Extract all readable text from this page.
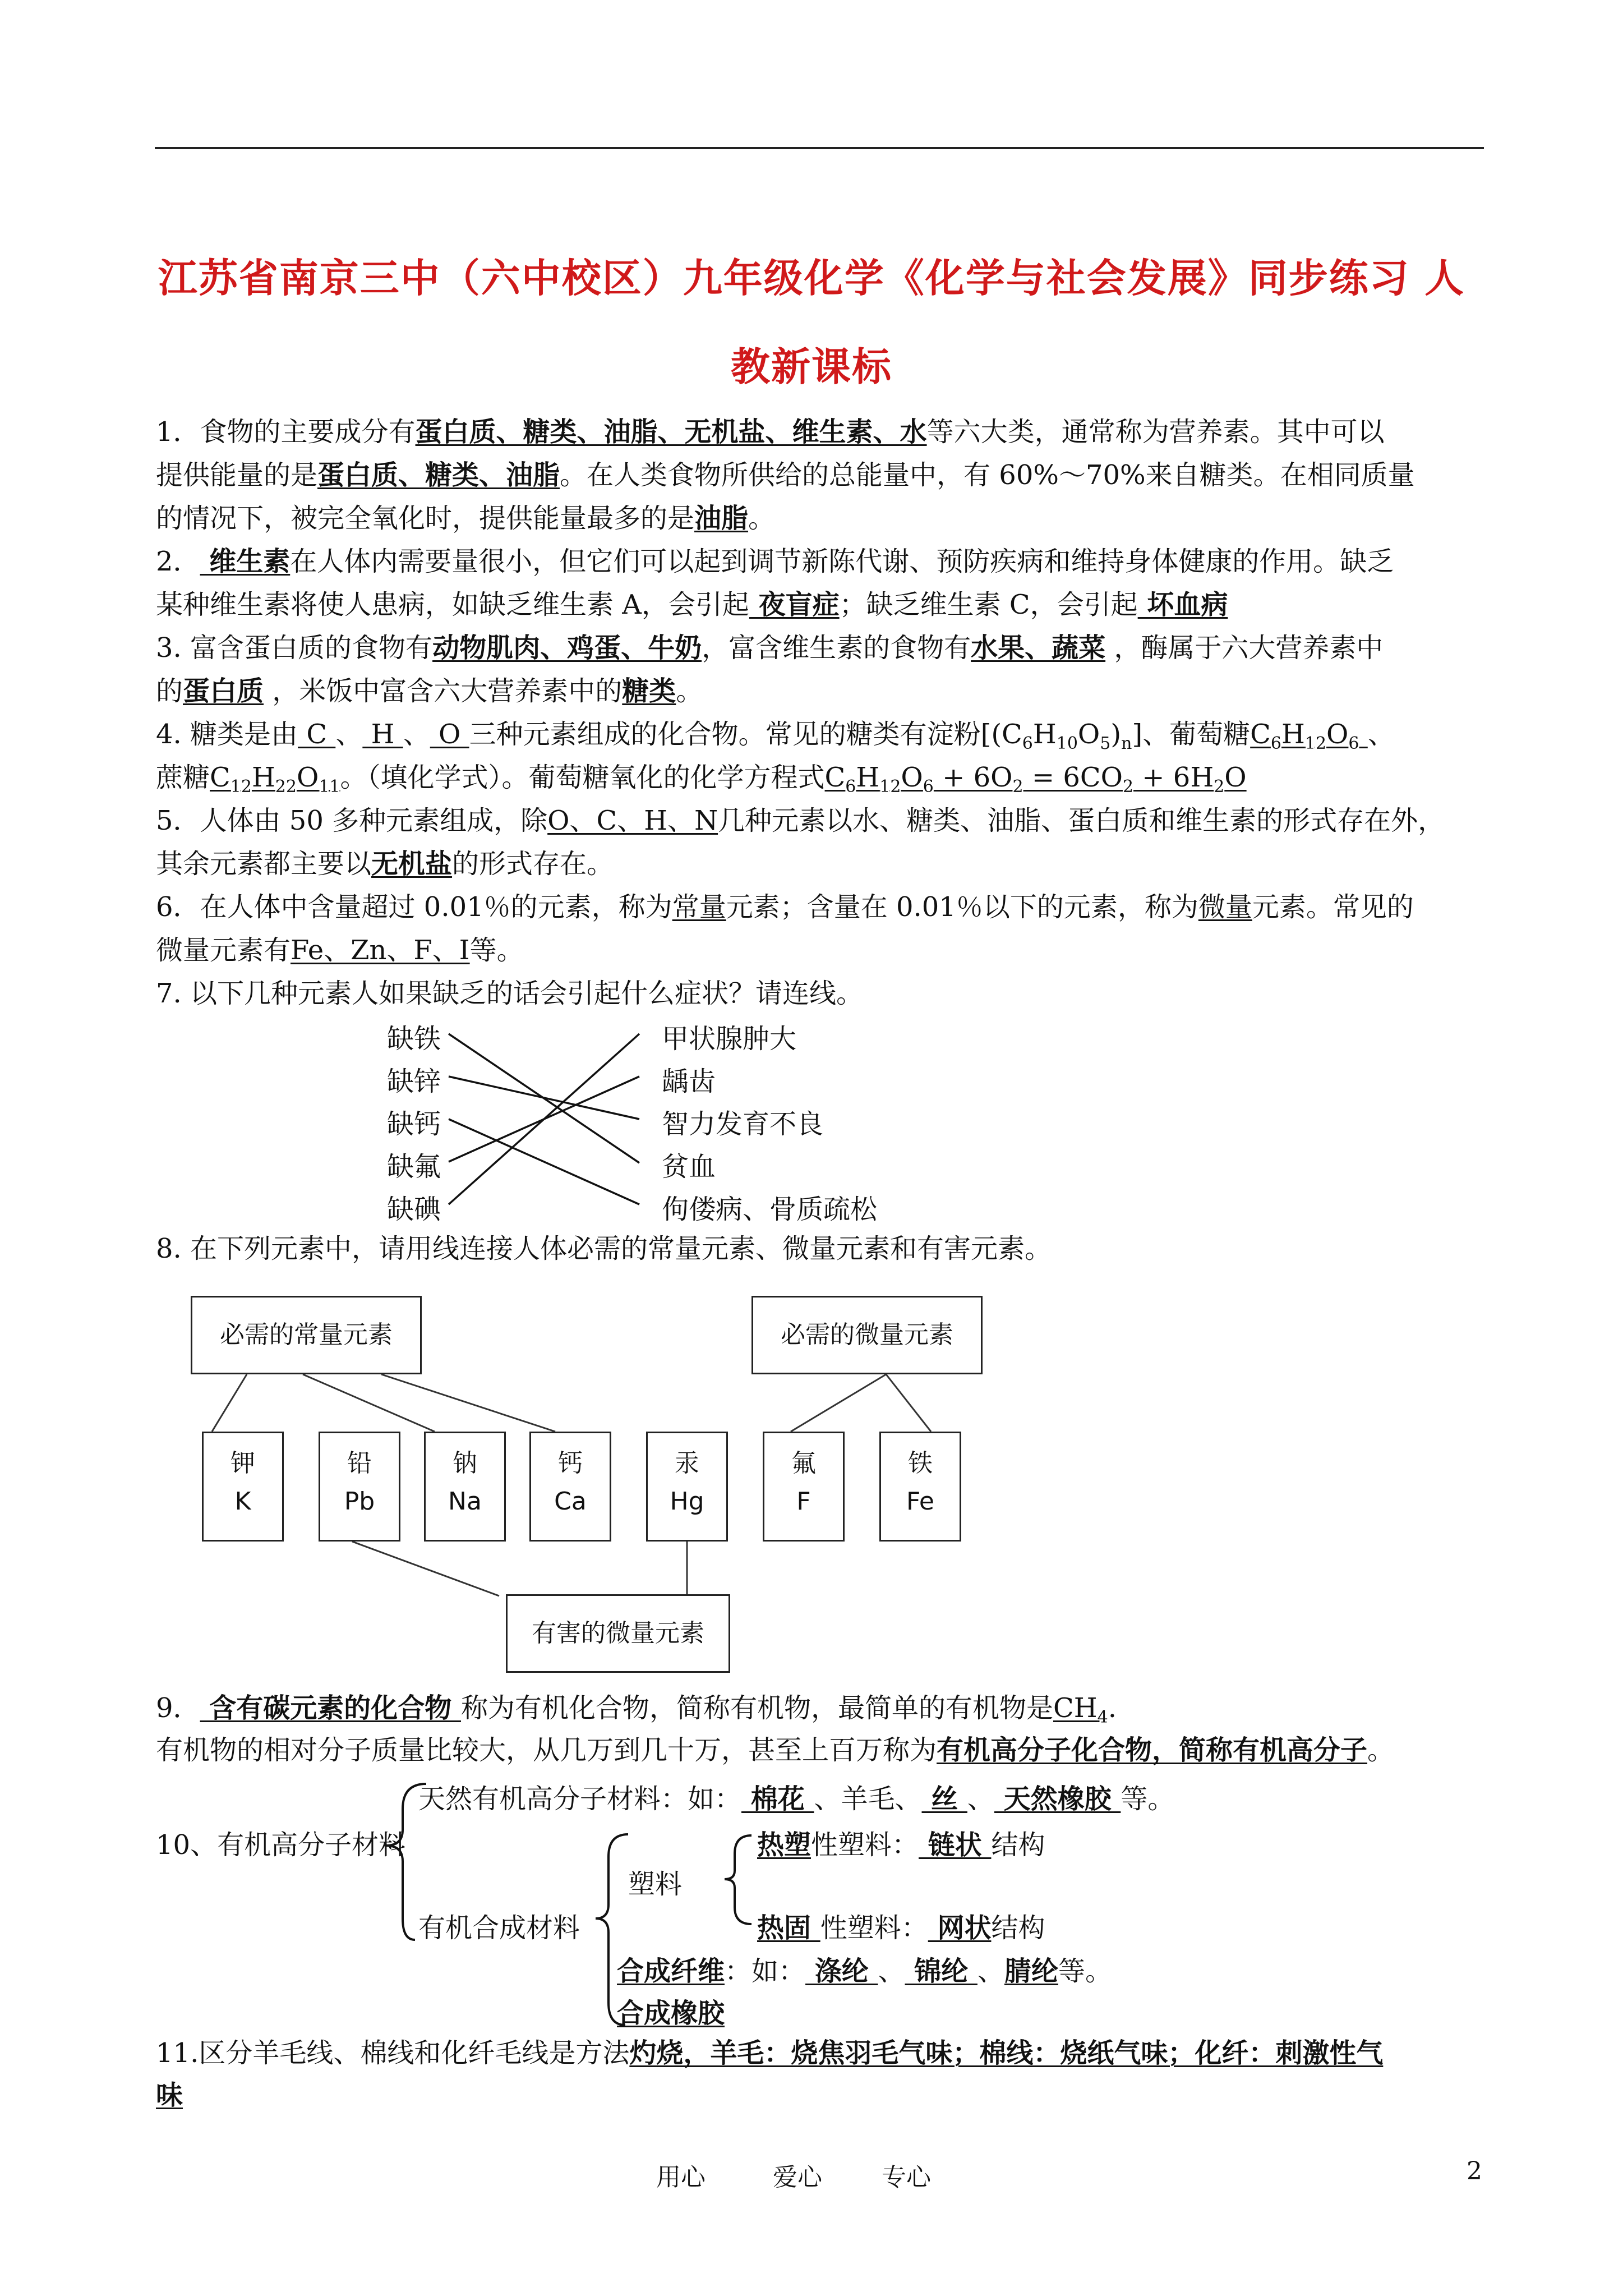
江苏省南京三中（六中校区）九年级化学《化学与社会发展》同步练习 人
教新课标
1．食物的主要成分有蛋白质、糖类、油脂、无机盐、维生素、水等六大类，通常称为营养素。其中可以
提供能量的是蛋白质、糖类、油脂。在人类食物所供给的总能量中，有 60%～70%来自糖类。在相同质量
的情况下，被完全氧化时，提供能量最多的是油脂。
2． 维生素在人体内需要量很小，但它们可以起到调节新陈代谢、预防疾病和维持身体健康的作用。缺乏
某种维生素将使人患病，如缺乏维生素 A，会引起 夜盲症；缺乏维生素 C，会引起 坏血病
3. 富含蛋白质的食物有动物肌肉、鸡蛋、牛奶，富含维生素的食物有水果、蔬菜 ，酶属于六大营养素中
的蛋白质 ，米饭中富含六大营养素中的糖类。
4. 糖类是由 C 、 H 、 O 三种元素组成的化合物。常见的糖类有淀粉$[(C_6H_{10}O_5)_n]$、葡萄糖$C_6H_{12}O_6$ 、
蔗糖$C_{12}H_{22}O_{11}$。（填化学式）。葡萄糖氧化的化学方程式$C_6H_{12}O_6 + 6O_2 = 6CO_2 + 6H_2O$
5．人体由 50 多种元素组成，除O、C、H、N几种元素以水、糖类、油脂、蛋白质和维生素的形式存在外，
其余元素都主要以无机盐的形式存在。
6．在人体中含量超过 0.01％的元素，称为常量元素；含量在 0.01％以下的元素，称为微量元素。常见的
微量元素有Fe、Zn、F、I等。
7. 以下几种元素人如果缺乏的话会引起什么症状？请连线。
缺铁
缺锌
缺钙
缺氟
缺碘
甲状腺肿大
龋齿
智力发育不良
贫血
佝偻病、骨质疏松
8. 在下列元素中，请用线连接人体必需的常量元素、微量元素和有害元素。
必需的常量元素	必需的微量元素
钾
K
铅
Pb
钠
Na
钙
Ca
汞
Hg
氟
F
铁
Fe
有害的微量元素
9． 含有碳元素的化合物 称为有机化合物，简称有机物，最简单的有机物是$CH_4$.
有机物的相对分子质量比较大，从几万到几十万，甚至上百万称为有机高分子化合物，简称有机高分子。
天然有机高分子材料：如： 棉花 、羊毛、 丝 、 天然橡胶 等。
10、有机高分子材料
有机合成材料
塑料
热塑性塑料： 链状 结构
热固 性塑料： 网状结构
合成纤维：如： 涤纶 、 锦纶 、腈纶等。
合成橡胶
11.区分羊毛线、棉线和化纤毛线是方法灼烧，羊毛：烧焦羽毛气味；棉线：烧纸气味；化纤：刺激性气
味
用心	爱心 专心	2
